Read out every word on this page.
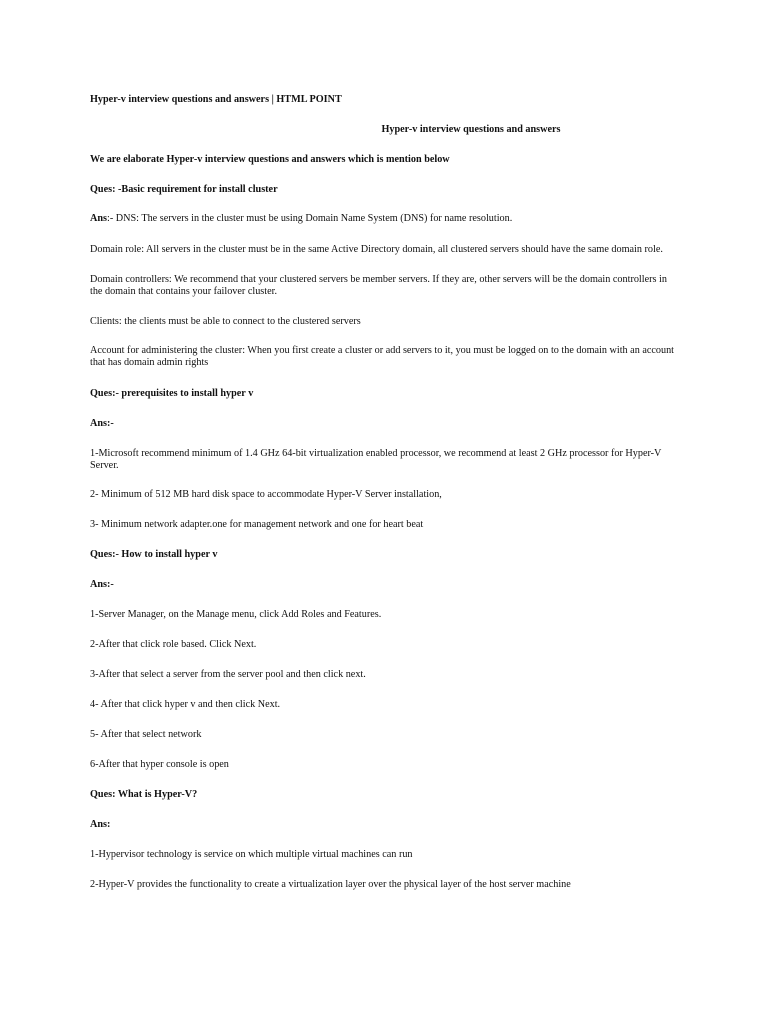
Hyper-v interview questions and answers | HTML POINT

Hyper-v interview questions and answers

We are elaborate Hyper-v interview questions and answers which is mention below

Ques: -Basic requirement for install cluster

Ans:- DNS: The servers in the cluster must be using Domain Name System (DNS) for name resolution.

Domain role: All servers in the cluster must be in the same Active Directory domain, all clustered servers should have the same domain role.

Domain controllers: We recommend that your clustered servers be member servers. If they are, other servers will be the domain controllers in the domain that contains your failover cluster.

Clients: the clients must be able to connect to the clustered servers

Account for administering the cluster: When you first create a cluster or add servers to it, you must be logged on to the domain with an account that has domain admin rights

Ques:- prerequisites to install hyper v

Ans:-

1-Microsoft recommend minimum of 1.4 GHz 64-bit virtualization enabled processor, we recommend at least 2 GHz processor for Hyper-V Server.

2- Minimum of 512 MB hard disk space to accommodate Hyper-V Server installation,

3- Minimum network adapter.one for management network and one for heart beat

Ques:- How to install hyper v

Ans:-

1-Server Manager, on the Manage menu, click Add Roles and Features.

2-After that click role based. Click Next.

3-After that select a server from the server pool and then click next.

4- After that click hyper v and then click Next.

5- After that select network

6-After that hyper console is open

Ques: What is Hyper-V?

Ans:

1-Hypervisor technology is service on which multiple virtual machines can run

2-Hyper-V provides the functionality to create a virtualization layer over the physical layer of the host server machine
